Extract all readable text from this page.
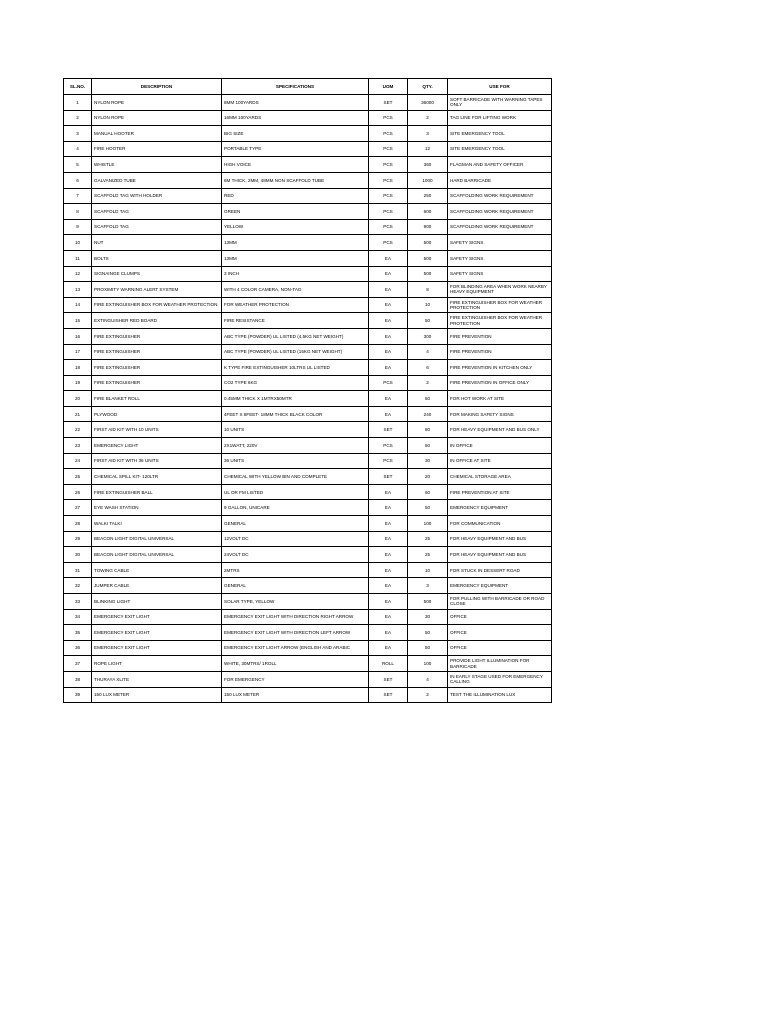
SL.NO.	DESCRIPTION	SPECIFICATIONS	UOM	QTY.	USE FOR
1	NYLON ROPE	8MM 100YARDS	SET	36000	SOFT BARRICADE WITH WARNING TAPES ONLY
2	NYLON ROPE	16MM 100YARDS	PCS	2	TAG LINE FOR LIFTING WORK
3	MANUAL HOOTER	BIG SIZE	PCS	3	SITE EMERGENCY TOOL
4	FIRE HOOTER	PORTABLE TYPE	PCS	12	SITE EMERGENCY TOOL
5	WHISTLE	HIGH VOICE	PCS	360	FLAGMAN AND SAFETY OFFICER
6	GALVANIZED TUBE	6M THICK, 2MM, 48MM NON SCAFFOLD TUBE	PCS	1000	HARD BARRICADE
7	SCAFFOLD TAG WITH HOLDER	RED	PCS	250	SCAFFOLDING WORK REQUIREMENT
8	SCAFFOLD TAG	GREEN	PCS	600	SCAFFOLDING WORK REQUIREMENT
9	SCAFFOLD TAG	YELLOW	PCS	900	SCAFFOLDING WORK REQUIREMENT
10	NUT	13MM	PCS	500	SAFETY SIGNS
11	BOLTS	13MM	EA	500	SAFETY SIGNS
12	SIGNAINGE CLUMPS	3 INCH	EA	500	SAFETY SIGNS
13	PROXIMITY WARNING ALERT SYSTEM	WITH 4 COLOR CAMERA, NON-TAG	EA	8	FOR BLINDING AREA WHEN WORK NEARBY HEAVY EQUIPMENT
14	FIRE EXTINGUISHER BOX FOR WEATHER PROTECTION	FOR WEATHER PROTECTION	EA	10	FIRE EXTINGUISHER BOX FOR WEATHER PROTECTION
15	EXTINGUISHER RED BOARD	FIRE RESISTANCE	EA	50	FIRE EXTINGUISHER BOX FOR WEATHER PROTECTION
16	FIRE EXTINGUISHER	ABC TYPE (POWDER) UL LISTED (4.5KG NET WEIGHT)	EA	300	FIRE PREVENTION
17	FIRE EXTINGUISHER	ABC TYPE (POWDER) UL LISTED (15KG NET WEIGHT)	EA	4	FIRE PREVENTION
18	FIRE EXTINGUISHER	K TYPE FIRE EXTINGUISHER 10LTRS UL LISTED	EA	6	FIRE PREVENTION IN KITCHEN ONLY
19	FIRE EXTINGUISHER	CO2 TYPE 6KG	PCS	2	FIRE PREVENTION IN OFFICE ONLY
20	FIRE BLANKET ROLL	0.45MM THICK X 1MTRX50MTR	EA	50	FOR HOT WORK AT SITE
21	PLYWOOD	4FEET X 8FEET- 18MM THICK BLACK COLOR	EA	240	FOR MAKING SAFETY SIGNS
22	FIRST AID KIT WITH 10 UNITS	10 UNITS	SET	80	FOR HEAVY EQUIPMENT AND BUS ONLY
23	EMERGENCY LIGHT	2X1WATT, 220V	PCS	50	IN OFFICE
24	FIRST AID KIT WITH 36 UNITS	36 UNITS	PCS	30	IN OFFICE AT SITE
25	CHEMICAL SPILL KIT- 120LTR	CHEMICAL WITH YELLOW BIN AND COMPLETE	SET	20	CHEMICAL STORAGE AREA
26	FIRE EXTINGUISHER BALL	UL OR FM LISTED	EA	60	FIRE PREVENTION AT SITE
27	EYE WASH STATION	9 GALLON, UNICARE	EA	50	EMERGENCY EQUIPMENT
28	WALKI TALKI	GENERAL	EA	100	FOR COMMUNICATION
29	BEACON LIGHT DIGITAL UNIVERSAL	12VOLT DC	EA	25	FOR HEAVY EQUIPMENT AND BUS
30	BEACON LIGHT DIGITAL UNIVERSAL	24VOLT DC	EA	25	FOR HEAVY EQUIPMENT AND BUS
31	TOWING CABLE	2MTRS	EA	10	FOR STUCK IN DESSERT ROAD
32	JUMPER CABLE	GENERAL	EA	3	EMERGENCY EQUIPMENT
33	BLINKING LIGHT	SOLAR TYPE, YELLOW	EA	500	FOR PULLING WITH BARRICADE OR ROAD CLOSE
34	EMERGENCY EXIT LIGHT	EMERGENCY EXIT LIGHT WITH DIRECTION RIGHT ARROW	EA	30	OFFICE
35	EMERGENCY EXIT LIGHT	EMERGENCY EXIT LIGHT WITH DIRECTION LEFT ARROW	EA	50	OFFICE
36	EMERGENCY EXIT LIGHT	EMERGENCY EXIT LIGHT ARROW (ENGLISH AND ARABIC	EA	50	OFFICE
37	ROPE LIGHT	WHITE, 30MTRS/ 1ROLL	ROLL	100	PROVIDE LIGHT ILLUMINATION FOR BARRICADE
38	THURAYA XLITE	FOR EMERGENCY	SET	4	IN EARLY STAGE USED FOR EMERGENCY CALLING
39	150 LUX METER	150 LUX METER	SET	2	TEST THE ILLUMINATION LUX
